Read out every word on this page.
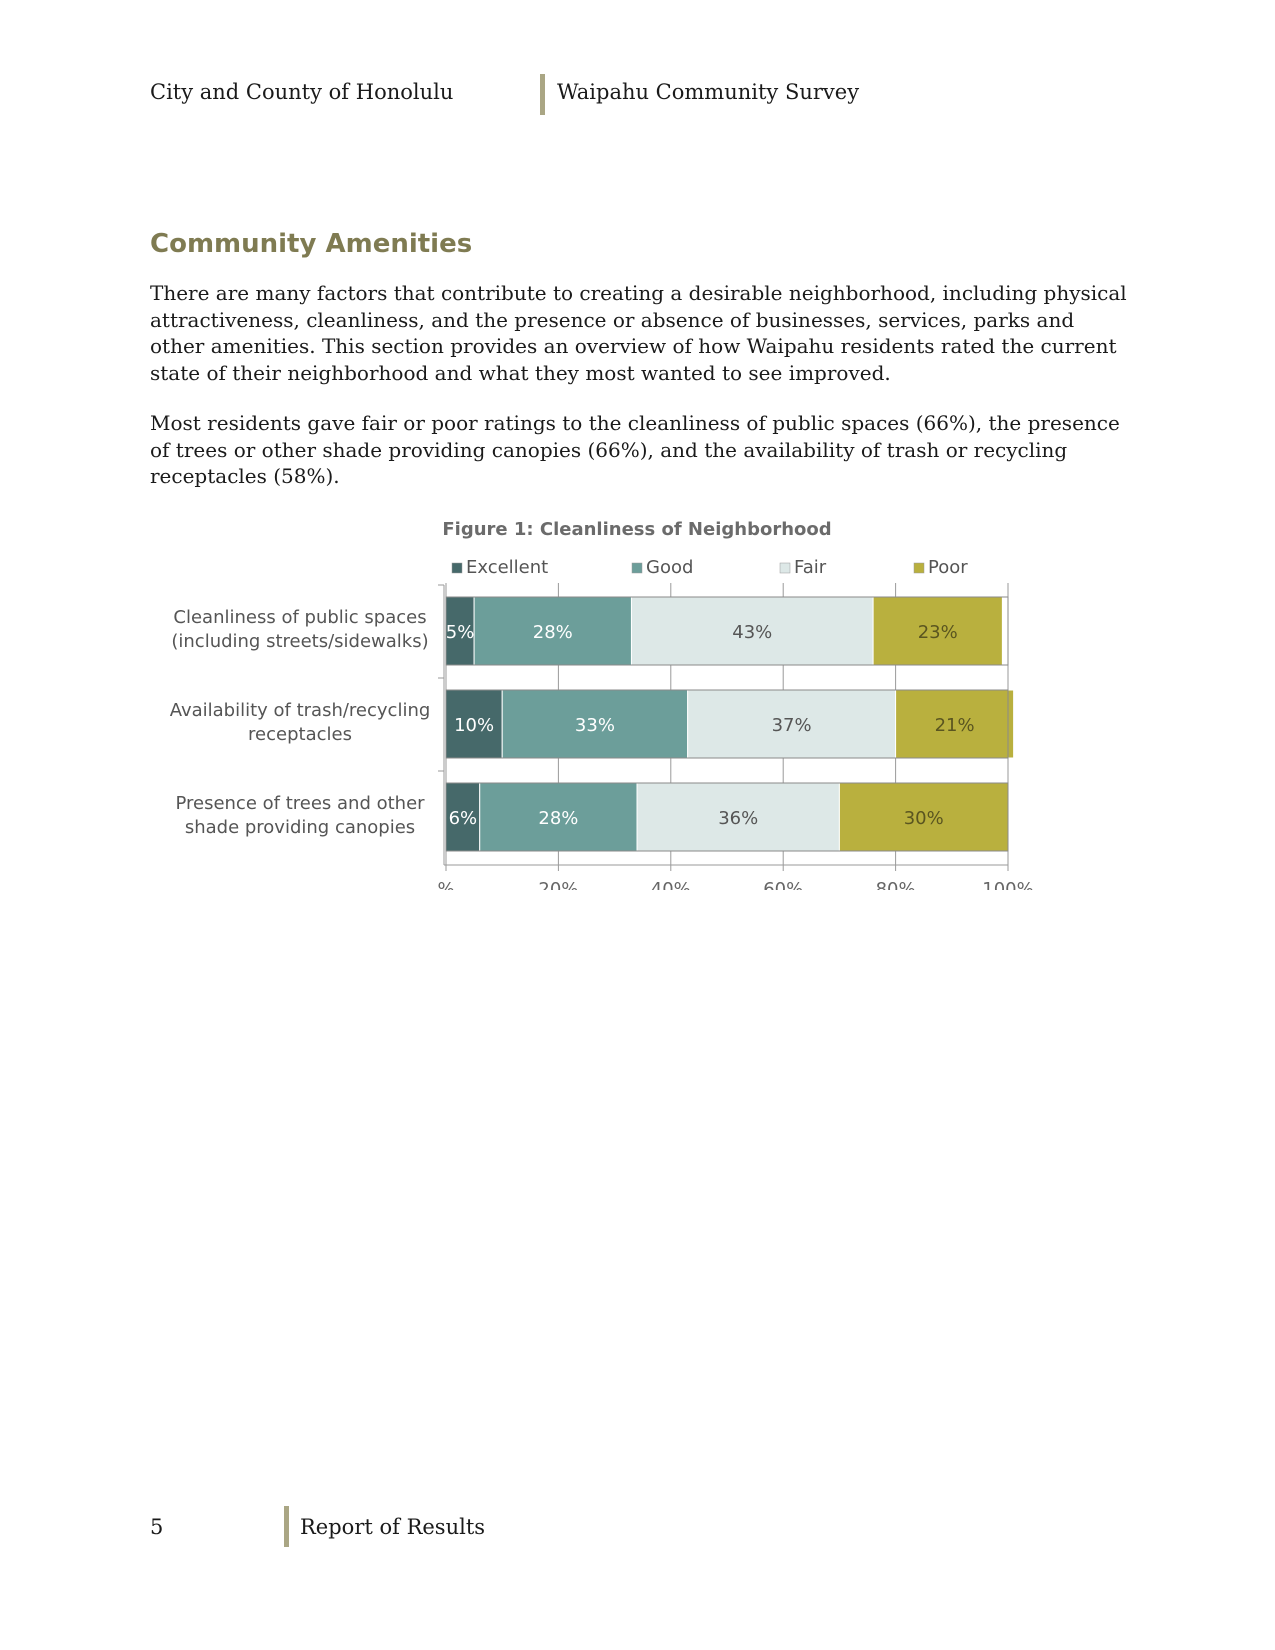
City and County of Honolulu	Waipahu Community Survey
Community Amenities

There are many factors that contribute to creating a desirable neighborhood, including physical attractiveness, cleanliness, and the presence or absence of businesses, services, parks and other amenities. This section provides an overview of how Waipahu residents rated the current state of their neighborhood and what they most wanted to see improved.

Most residents gave fair or poor ratings to the cleanliness of public spaces (66%), the presence of trees or other shade providing canopies (66%), and the availability of trash or recycling receptacles (58%).

Figure 1: Cleanliness of Neighborhood
Excellent	Good	Fair	Poor
5%	28%	43%	23%
Cleanliness of public spaces
(including streets/sidewalks)
10%	33%	37%	21%
Availability of trash/recycling
receptacles
6%	28%	36%	30%
Presence of trees and other
shade providing canopies
%	20%	40%	60%	80%	100%
5	Report of Results
